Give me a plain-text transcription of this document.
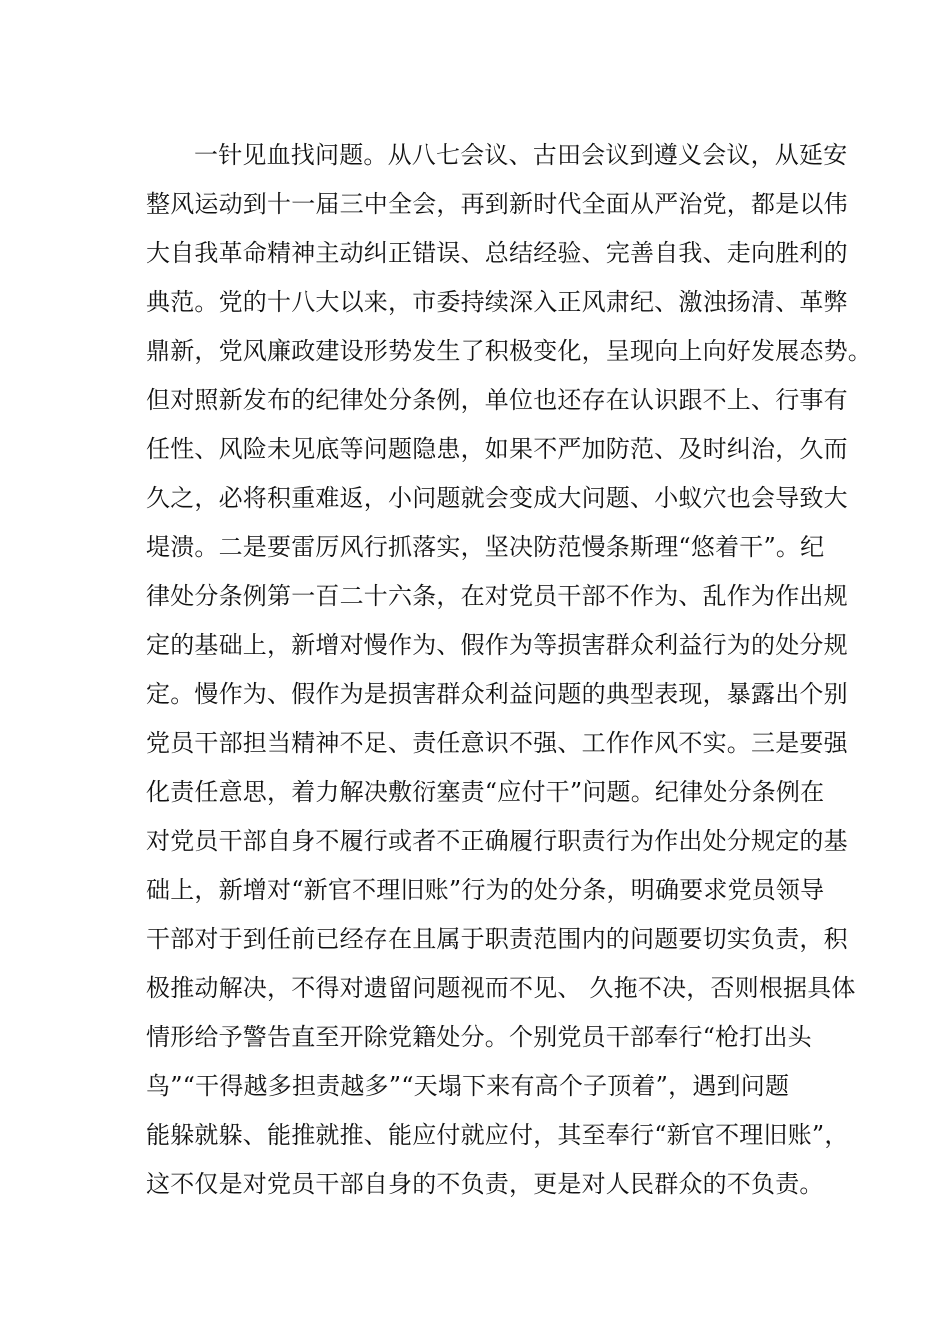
一针见血找问题。从八七会议、古田会议到遵义会议，从延安
整风运动到十一届三中全会，再到新时代全面从严治党，都是以伟
大自我革命精神主动纠正错误、总结经验、完善自我、走向胜利的
典范。党的十八大以来，市委持续深入正风肃纪、激浊扬清、革弊
鼎新，党风廉政建设形势发生了积极变化，呈现向上向好发展态势。
但对照新发布的纪律处分条例，单位也还存在认识跟不上、行事有
任性、风险未见底等问题隐患，如果不严加防范、及时纠治，久而
久之，必将积重难返，小问题就会变成大问题、小蚁穴也会导致大
堤溃。二是要雷厉风行抓落实，坚决防范慢条斯理“悠着干”。纪
律处分条例第一百二十六条，在对党员干部不作为、乱作为作出规
定的基础上，新增对慢作为、假作为等损害群众利益行为的处分规
定。慢作为、假作为是损害群众利益问题的典型表现，暴露出个别
党员干部担当精神不足、责任意识不强、工作作风不实。三是要强
化责任意思，着力解决敷衍塞责“应付干”问题。纪律处分条例在
对党员干部自身不履行或者不正确履行职责行为作出处分规定的基
础上，新增对“新官不理旧账”行为的处分条，明确要求党员领导
干部对于到任前已经存在且属于职责范围内的问题要切实负责，积
极推动解决，不得对遗留问题视而不见、 久拖不决，否则根据具体
情形给予警告直至开除党籍处分。个别党员干部奉行“枪打出头
鸟”“干得越多担责越多”“天塌下来有高个子顶着”，遇到问题
能躲就躲、能推就推、能应付就应付，其至奉行“新官不理旧账”，
这不仅是对党员干部自身的不负责，更是对人民群众的不负责。
